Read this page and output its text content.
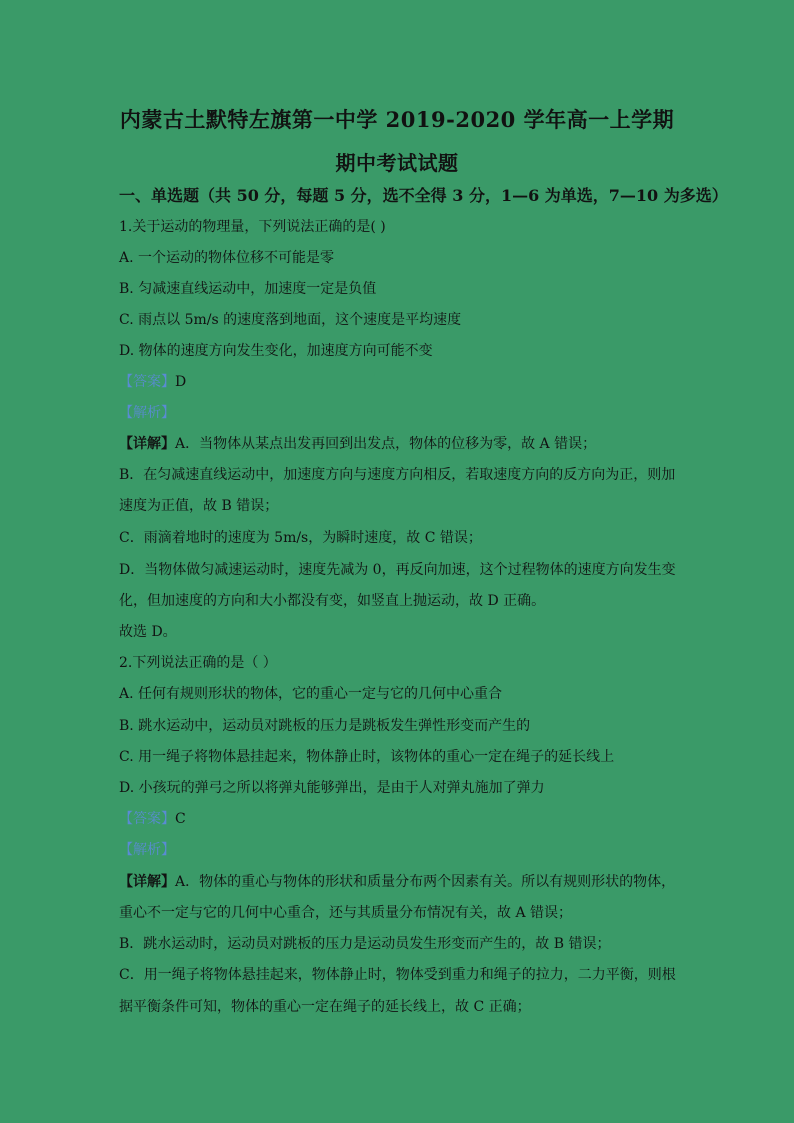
内蒙古土默特左旗第一中学 2019-2020 学年高一上学期
期中考试试题
一、单选题（共 50 分，每题 5 分，选不全得 3 分，1—6 为单选，7—10 为多选）
1.关于运动的物理量，下列说法正确的是( )
A. 一个运动的物体位移不可能是零
B. 匀减速直线运动中，加速度一定是负值
C. 雨点以 5m/s 的速度落到地面，这个速度是平均速度
D. 物体的速度方向发生变化，加速度方向可能不变
【答案】D
【解析】
【详解】A．当物体从某点出发再回到出发点，物体的位移为零，故 A 错误；
B．在匀减速直线运动中，加速度方向与速度方向相反，若取速度方向的反方向为正，则加
速度为正值，故 B 错误；
C．雨滴着地时的速度为 5m/s，为瞬时速度，故 C 错误；
D．当物体做匀减速运动时，速度先减为 0，再反向加速，这个过程物体的速度方向发生变
化，但加速度的方向和大小都没有变，如竖直上抛运动，故 D 正确。
故选 D。
2.下列说法正确的是（ ）
A. 任何有规则形状的物体，它的重心一定与它的几何中心重合
B. 跳水运动中，运动员对跳板的压力是跳板发生弹性形变而产生的
C. 用一绳子将物体悬挂起来，物体静止时，该物体的重心一定在绳子的延长线上
D. 小孩玩的弹弓之所以将弹丸能够弹出，是由于人对弹丸施加了弹力
【答案】C
【解析】
【详解】A．物体的重心与物体的形状和质量分布两个因素有关。所以有规则形状的物体，
重心不一定与它的几何中心重合，还与其质量分布情况有关，故 A 错误；
B．跳水运动时，运动员对跳板的压力是运动员发生形变而产生的，故 B 错误；
C．用一绳子将物体悬挂起来，物体静止时，物体受到重力和绳子的拉力，二力平衡，则根
据平衡条件可知，物体的重心一定在绳子的延长线上，故 C 正确；
